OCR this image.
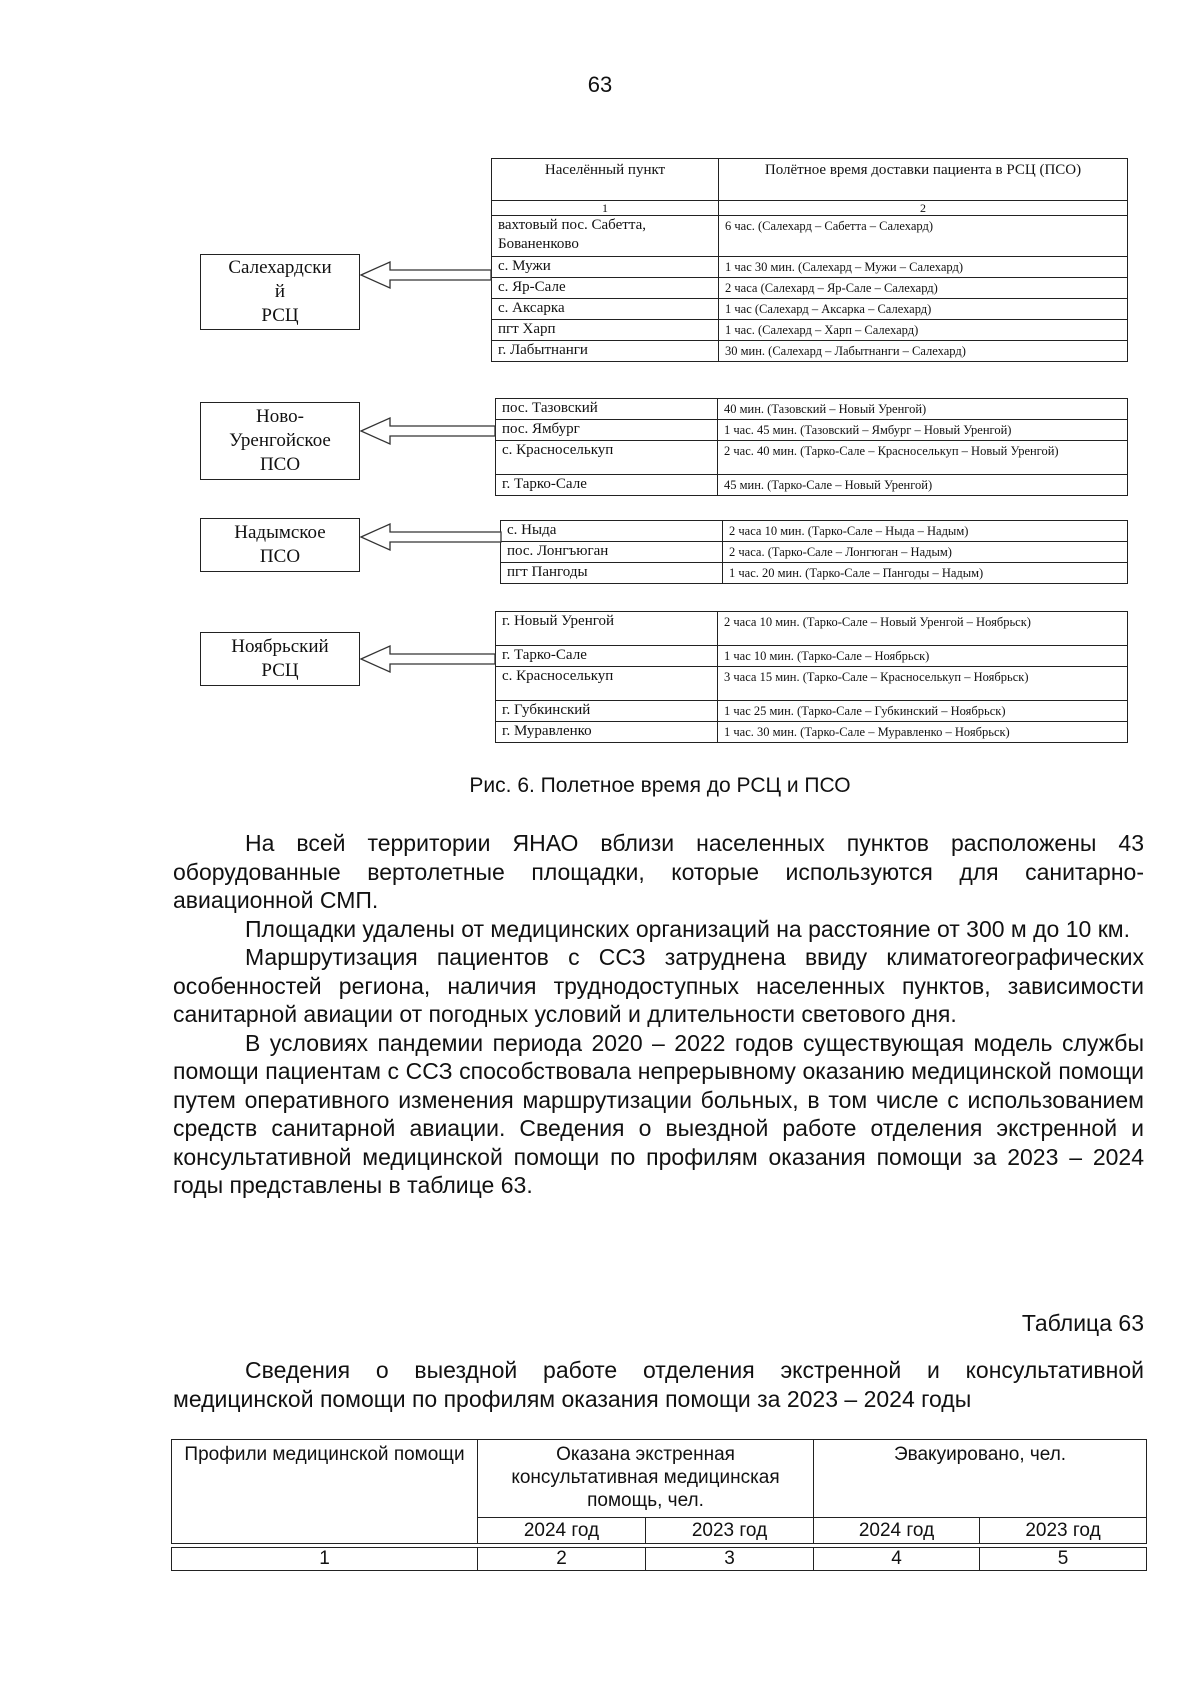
63
Населённый пункт	Полётное время доставки пациента в РСЦ (ПСО)
1	2
вахтовый пос. Сабетта, Бованенково	6 час. (Салехард – Сабетта – Салехард)
с. Мужи	1 час 30 мин. (Салехард – Мужи – Салехард)
с. Яр-Сале	2 часа (Салехард – Яр-Сале – Салехард)
с. Аксарка	1 час (Салехард – Аксарка – Салехард)
пгт Харп	1 час. (Салехард – Харп – Салехард)
г. Лабытнанги	30 мин. (Салехард – Лабытнанги – Салехард)
Салехардски
й
РСЦ
пос. Тазовский	40 мин. (Тазовский – Новый Уренгой)
пос. Ямбург	1 час. 45 мин. (Тазовский – Ямбург – Новый Уренгой)
с. Красноселькуп	2 час. 40 мин. (Тарко-Сале – Красноселькуп – Новый Уренгой)
г. Тарко-Сале	45 мин. (Тарко-Сале – Новый Уренгой)
Ново-
Уренгойское
ПСО
с. Ныда	2 часа 10 мин. (Тарко-Сале – Ныда – Надым)
пос. Лонгъюган	2 часа. (Тарко-Сале – Лонгюган – Надым)
пгт Пангоды	1 час. 20 мин. (Тарко-Сале – Пангоды – Надым)
Надымское
ПСО
г. Новый Уренгой	2 часа 10 мин. (Тарко-Сале – Новый Уренгой – Ноябрьск)
г. Тарко-Сале	1 час 10 мин. (Тарко-Сале – Ноябрьск)
с. Красноселькуп	3 часа 15 мин. (Тарко-Сале – Красноселькуп – Ноябрьск)
г. Губкинский	1 час 25 мин. (Тарко-Сале – Губкинский – Ноябрьск)
г. Муравленко	1 час. 30 мин. (Тарко-Сале – Муравленко – Ноябрьск)
Ноябрьский
РСЦ
Рис. 6. Полетное время до РСЦ и ПСО

На всей территории ЯНАО вблизи населенных пунктов расположены 43 оборудованные вертолетные площадки, которые используются для санитарно-авиационной СМП.

Площадки удалены от медицинских организаций на расстояние от 300 м до 10 км.

Маршрутизация пациентов с ССЗ затруднена ввиду климатогеографических особенностей региона, наличия труднодоступных населенных пунктов, зависимости санитарной авиации от погодных условий и длительности светового дня.

В условиях пандемии периода 2020 – 2022 годов существующая модель службы помощи пациентам с ССЗ способствовала непрерывному оказанию медицинской помощи путем оперативного изменения маршрутизации больных, в том числе с использованием средств санитарной авиации. Сведения о выездной работе отделения экстренной и консультативной медицинской помощи по профилям оказания помощи за 2023 – 2024 годы представлены в таблице 63.

Таблица 63
Сведения о выездной работе отделения экстренной и консультативной медицинской помощи по профилям оказания помощи за 2023 – 2024 годы
Профили медицинской помощи	Оказана экстренная консультативная медицинская помощь, чел.		Эвакуировано, чел.	
	2024 год	2023 год	2024 год	2023 год

1	2	3	4	5
